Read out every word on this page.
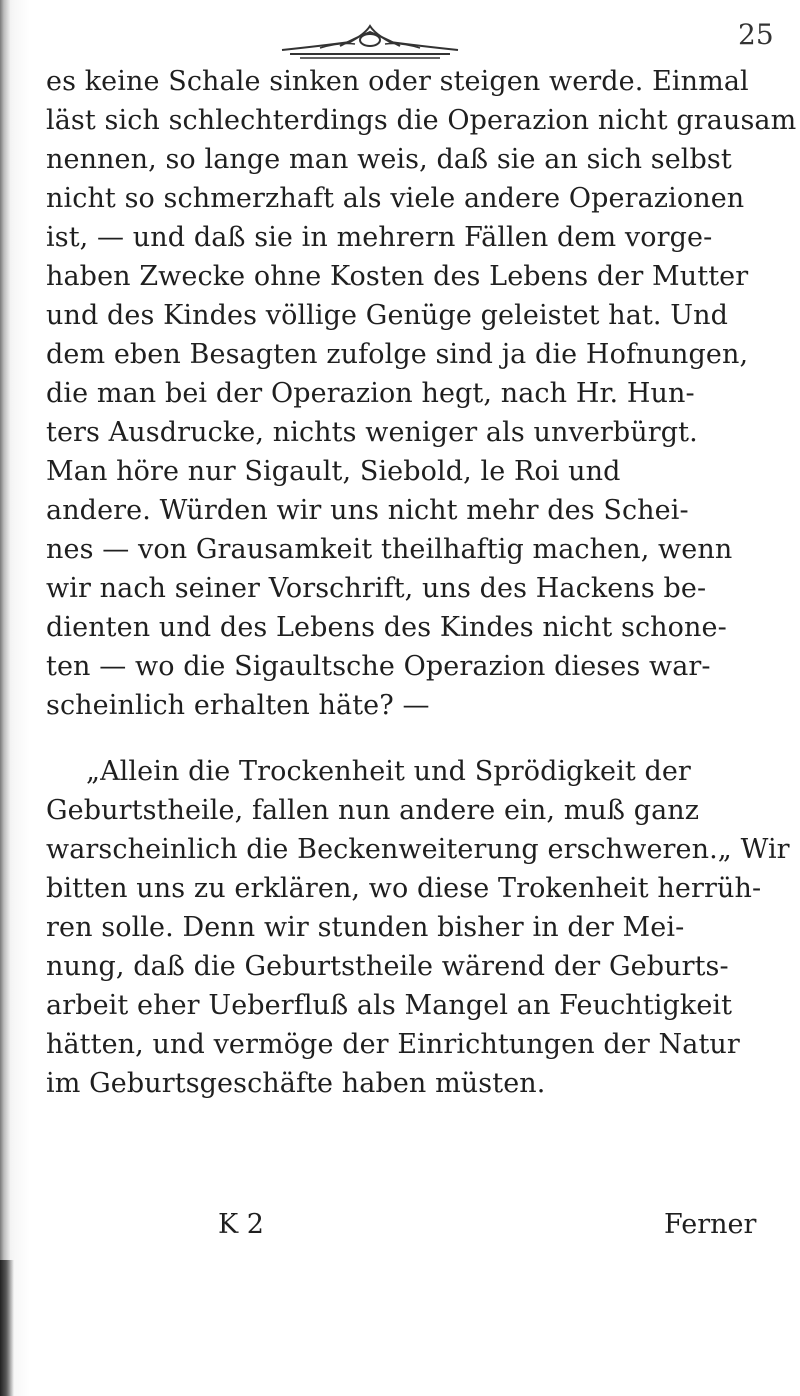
25
es keine Schale sinken oder steigen werde. Einmal
läst sich schlechterdings die Operazion nicht grausam
nennen, so lange man weis, daß sie an sich selbst
nicht so schmerzhaft als viele andere Operazionen
ist, — und daß sie in mehrern Fällen dem vorge-
haben Zwecke ohne Kosten des Lebens der Mutter
und des Kindes völlige Genüge geleistet hat. Und
dem eben Besagten zufolge sind ja die Hofnungen,
die man bei der Operazion hegt, nach Hr. Hun-
ters Ausdrucke, nichts weniger als unverbürgt.
Man höre nur Sigault, Siebold, le Roi und
andere. Würden wir uns nicht mehr des Schei-
nes — von Grausamkeit theilhaftig machen, wenn
wir nach seiner Vorschrift, uns des Hackens be-
dienten und des Lebens des Kindes nicht schone-
ten — wo die Sigaultsche Operazion dieses war-
scheinlich erhalten häte? —
„Allein die Trockenheit und Sprödigkeit der
Geburtstheile, fallen nun andere ein, muß ganz
warscheinlich die Beckenweiterung erschweren.„ Wir
bitten uns zu erklären, wo diese Trokenheit herrüh-
ren solle. Denn wir stunden bisher in der Mei-
nung, daß die Geburtstheile wärend der Geburts-
arbeit eher Ueberfluß als Mangel an Feuchtigkeit
hätten, und vermöge der Einrichtungen der Natur
im Geburtsgeschäfte haben müsten.
K 2	Ferner
